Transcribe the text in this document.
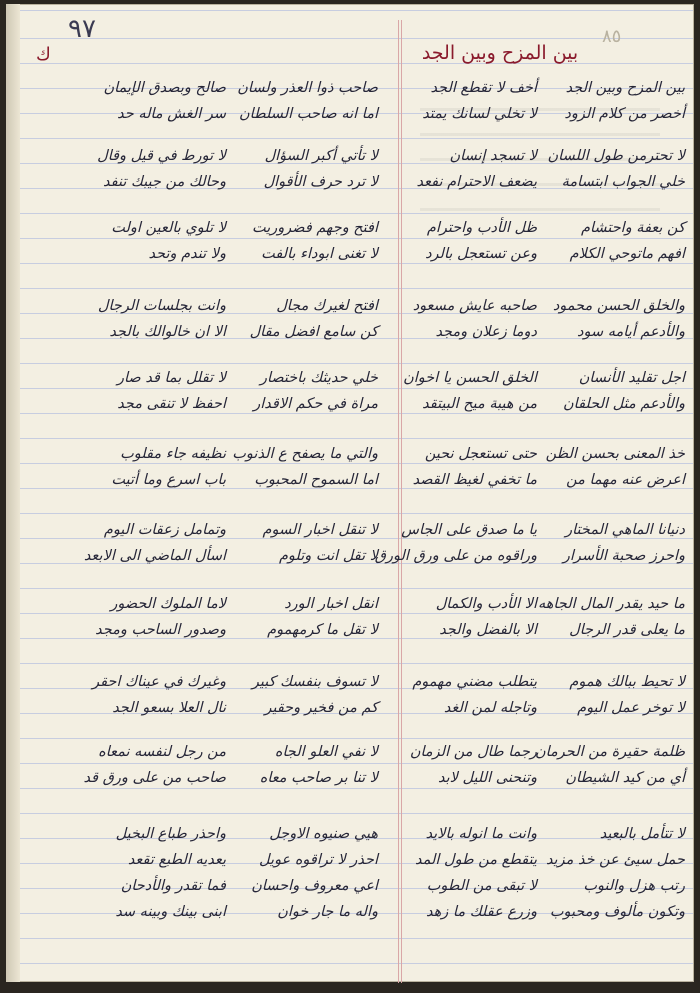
٩٧	٨٥
ك	بين المزح وبين الجد
بين المزح وبين الجد
أخصر من كلام الزود
أخف لا تقطع الجد
لا تخلي لسانك يمتد
صاحب ذوا العذر ولسان
اما انه صاحب السلطان
صالح وبصدق الإيمان
سر الغش ماله حد
لا تحترمن طول اللسان
خلي الجواب ابتسامة
لا تسجد إنسان
يضعف الاحترام نفعد
لا تأتي أكبر السؤال
لا ترد حرف الأقوال
لا تورط في قيل وقال
وحالك من جيبك تنفد
كن بعفة واحتشام
افهم ماتوحي الكلام
ظل الأدب واحترام
وعن تستعجل بالرد
افتح وجهم فضروريت
لا تغنى ابوداء بالفت
لا تلوي بالعين اولت
ولا تندم وتحد
والخلق الحسن محمود
والأدعم أيامه سود
صاحبه عايش مسعود
دوما زعلان ومجد
افتح لغيرك مجال
كن سامع افضل مقال
وانت بجلسات الرجال
الا ان خالوالك بالجد
اجل تقليد الأنسان
والأدعم مثل الحلقان
الخلق الحسن يا اخوان
من هيبة ميح البيتقد
خلي حديثك باختصار
مراة في حكم الاقدار
لا تقلل بما قد صار
احفظ لا تنقى مجد
خذ المعنى بحسن الظن
اعرض عنه مهما من
حتى تستعجل نحين
ما تخفي لغيظ القصد
والتي ما يصفح ع الذنوب
اما السموح المحبوب
نظيفه جاء مقلوب
باب اسرع وما أتيت
دنيانا الماهي المختار
واحرز صحبة الأسرار
يا ما صدق على الجاس
وراقوه من على ورق الورق
لا تنقل اخبار السوم
لا تقل انت وتلوم
وتمامل زعقات اليوم
اسأل الماضي الى الابعد
ما حيد يقدر المال الجاهه
ما يعلى قدر الرجال
الا الأدب والكمال
الا بالفضل والجد
انقل اخبار الورد
لا تقل ما كرمهموم
لاما الملوك الحضور
وصدور الساحب ومجد
لا تحيط ببالك هموم
لا توخر عمل اليوم
يتطلب مضني مهموم
وتاجله لمن الغد
لا تسوف بنفسك كبير
كم من فخير وحقير
وغيرك في عيناك احقر
نال العلا بسعو الجد
ظلمة حقيرة من الحرمان
أي من كيد الشيطان
رجما طال من الزمان
وتنحنى الليل لابد
لا نفي العلو الجاه
لا تنا بر صاحب معاه
من رجل لنفسه نمعاه
صاحب من على ورق قد
لا تتأمل بالبعيد
حمل سيئ عن خذ مزيد
رتب هزل والنوب
وتكون مألوف ومحبوب
وانت ما انوله بالايد
يتقطع من طول المد
لا تبقى من الطوب
وزرع عقلك ما زهد
هيي صنيوه الاوجل
احذر لا تراقوه عويل
اعي معروف واحسان
واله ما جار خوان
واحذر طباع البخيل
يعديه الطبع تقعد
فما تقدر والأدحان
ابنى بينك وبينه سد
